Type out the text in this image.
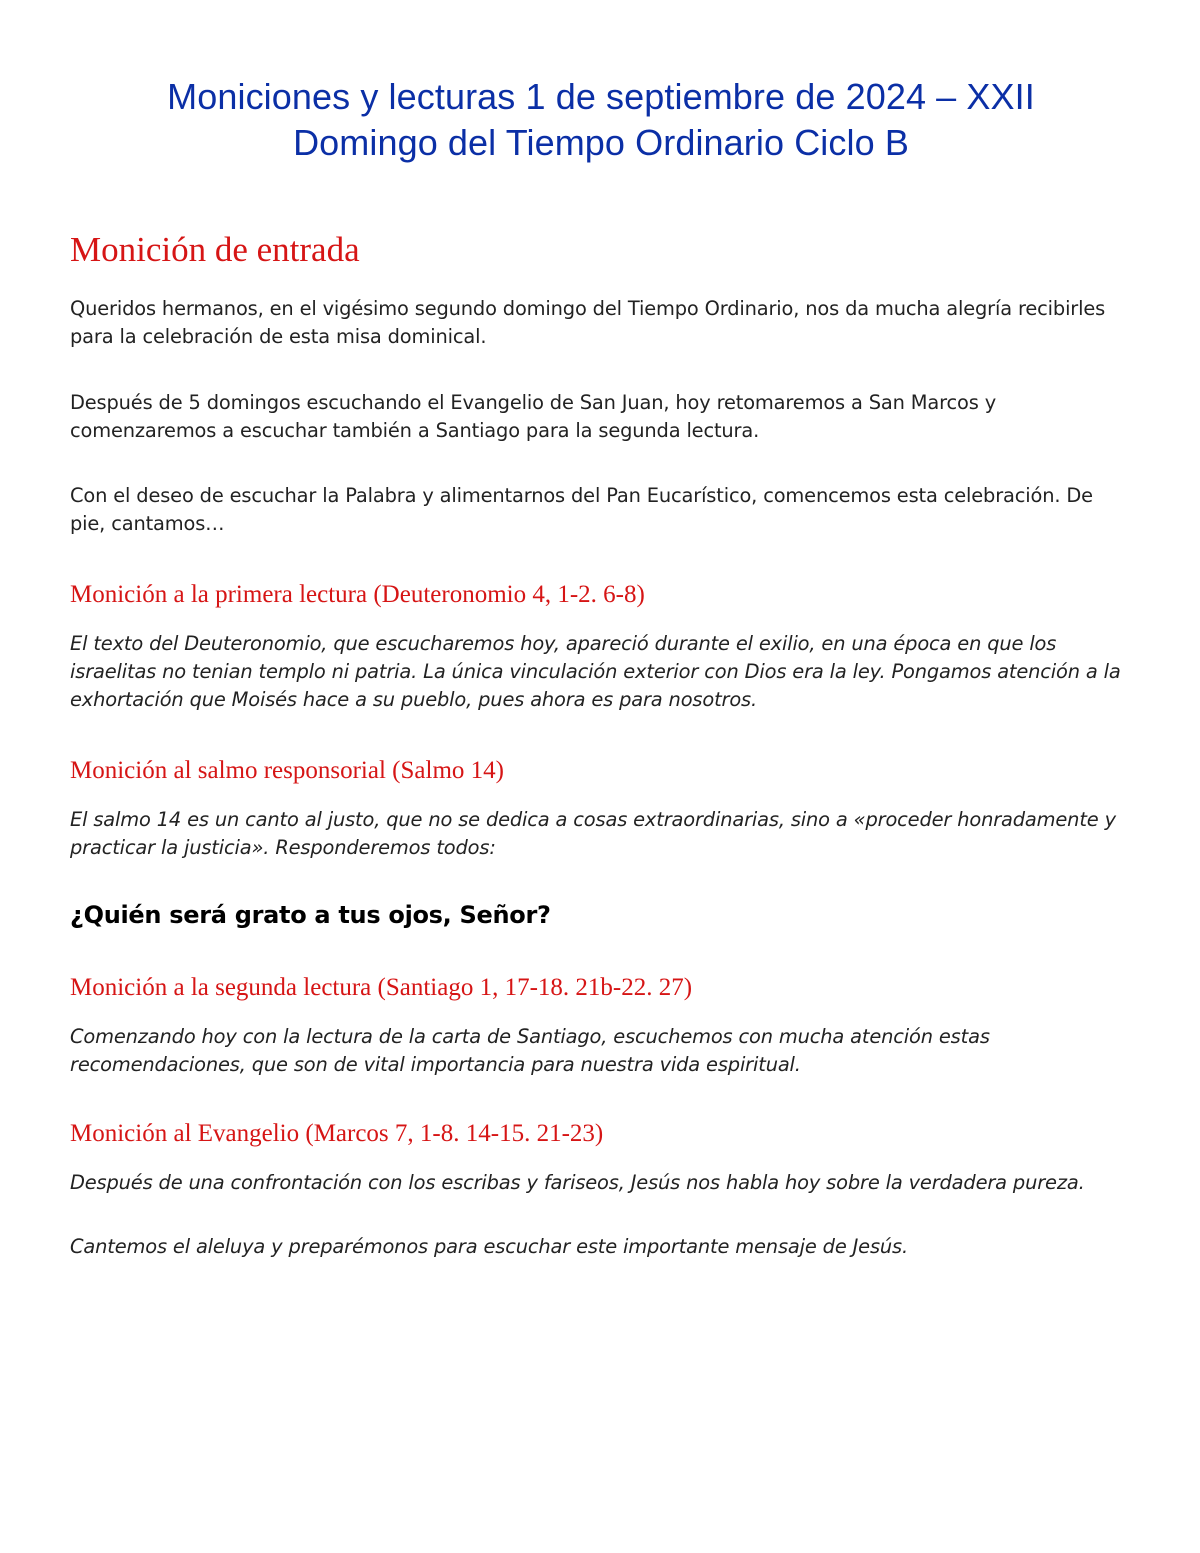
Moniciones y lecturas 1 de septiembre de 2024 – XXII
Domingo del Tiempo Ordinario Ciclo B
Monición de entrada

Queridos hermanos, en el vigésimo segundo domingo del Tiempo Ordinario, nos da mucha alegría recibirles para la celebración de esta misa dominical.

Después de 5 domingos escuchando el Evangelio de San Juan, hoy retomaremos a San Marcos y comenzaremos a escuchar también a Santiago para la segunda lectura.

Con el deseo de escuchar la Palabra y alimentarnos del Pan Eucarístico, comencemos esta celebración. De pie, cantamos…

Monición a la primera lectura (Deuteronomio 4, 1-2. 6-8)

El texto del Deuteronomio, que escucharemos hoy, apareció durante el exilio, en una época en que los israelitas no tenian templo ni patria. La única vinculación exterior con Dios era la ley. Pongamos atención a la exhortación que Moisés hace a su pueblo, pues ahora es para nosotros.

Monición al salmo responsorial (Salmo 14)

El salmo 14 es un canto al justo, que no se dedica a cosas extraordinarias, sino a «proceder honradamente y practicar la justicia». Responderemos todos:

¿Quién será grato a tus ojos, Señor?

Monición a la segunda lectura (Santiago 1, 17-18. 21b-22. 27)

Comenzando hoy con la lectura de la carta de Santiago, escuchemos con mucha atención estas recomendaciones, que son de vital importancia para nuestra vida espiritual.

Monición al Evangelio (Marcos 7, 1-8. 14-15. 21-23)

Después de una confrontación con los escribas y fariseos, Jesús nos habla hoy sobre la verdadera pureza.

Cantemos el aleluya y preparémonos para escuchar este importante mensaje de Jesús.
